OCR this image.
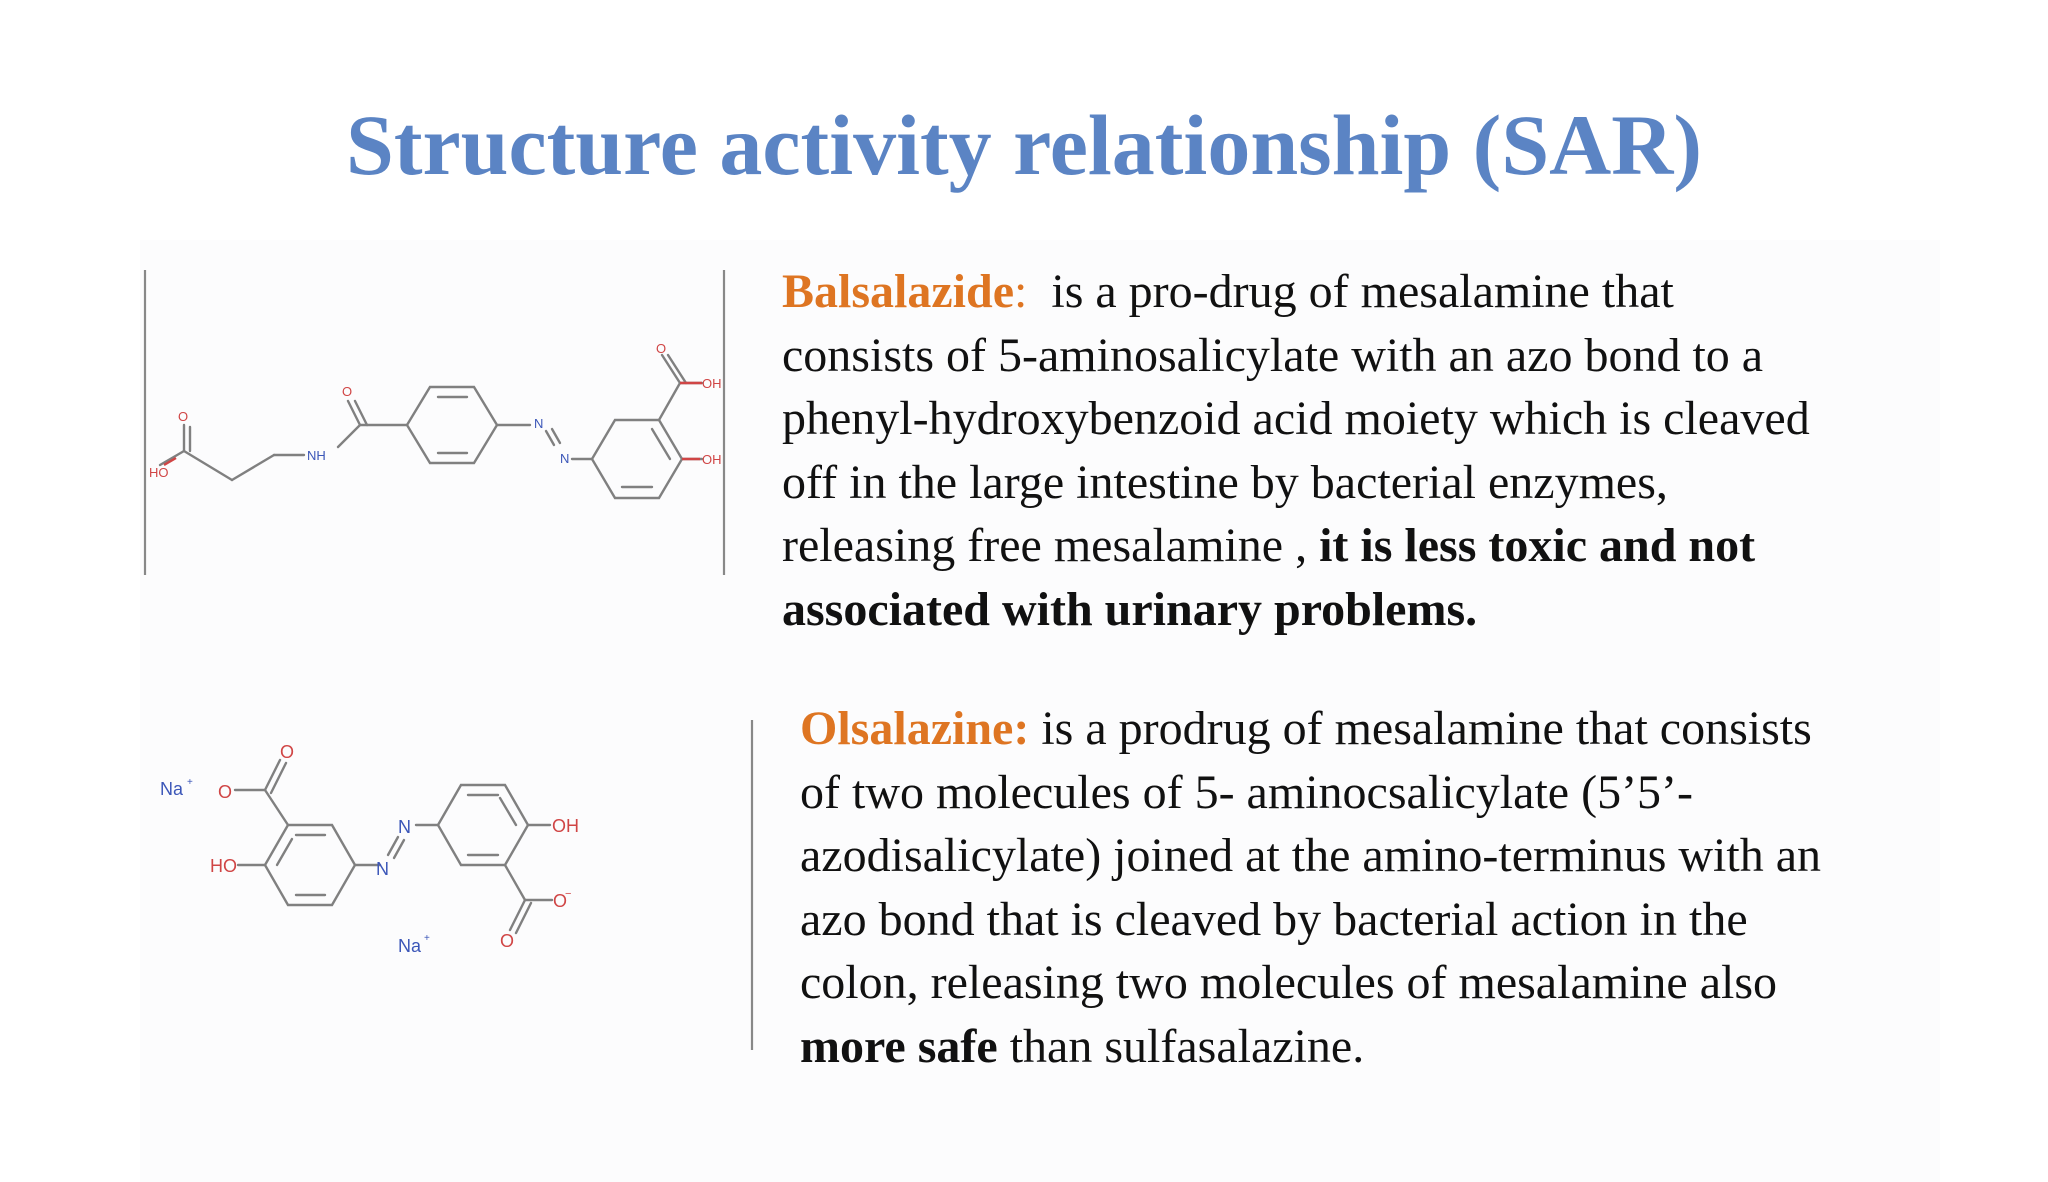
Structure activity relationship (SAR)
HO
O
O
O
OH
OH
NH
N
N
O
O
HO
OH
O
O
−
Na +
N
N
Na +
Balsalazide: is a pro-drug of mesalamine that
consists of 5-aminosalicylate with an azo bond to a
phenyl-hydroxybenzoid acid moiety which is cleaved
off in the large intestine by bacterial enzymes,
releasing free mesalamine , it is less toxic and not
associated with urinary problems.
Olsalazine: is a prodrug of mesalamine that consists
of two molecules of 5- aminocsalicylate (5’5’-
azodisalicylate) joined at the amino-terminus with an
azo bond that is cleaved by bacterial action in the
colon, releasing two molecules of mesalamine also
more safe than sulfasalazine.
